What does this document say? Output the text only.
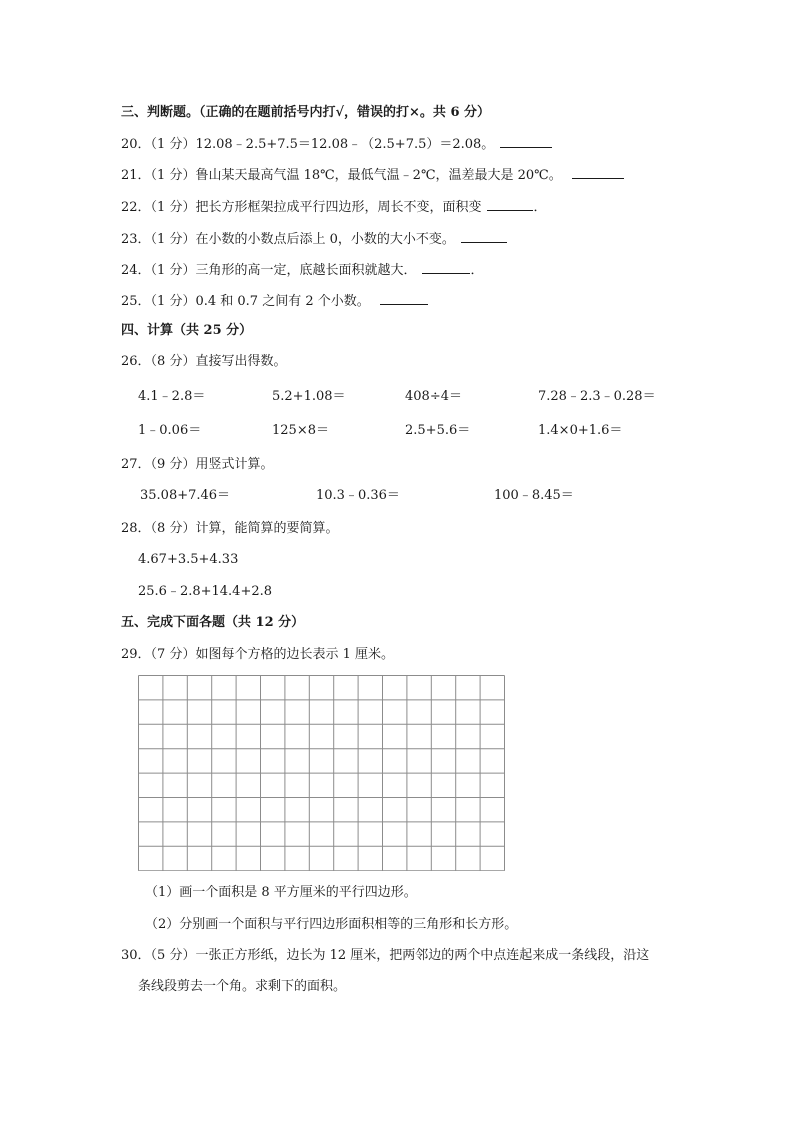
三、判断题。（正确的在题前括号内打√，错误的打×。共 6 分）
20．（1 分）12.08﹣2.5+7.5＝12.08﹣（2.5+7.5）＝2.08。
21．（1 分）鲁山某天最高气温 18℃，最低气温﹣2℃，温差最大是 20℃。
22．（1 分）把长方形框架拉成平行四边形，周长不变，面积变	．
23．（1 分）在小数的小数点后添上 0，小数的大小不变。
24．（1 分）三角形的高一定，底越长面积就越大．	．
25．（1 分）0.4 和 0.7 之间有 2 个小数。
四、计算（共 25 分）
26．（8 分）直接写出得数。
4.1﹣2.8＝	5.2+1.08＝	408÷4＝	7.28﹣2.3﹣0.28＝
1﹣0.06＝	125×8＝	2.5+5.6＝	1.4×0+1.6＝
27．（9 分）用竖式计算。
35.08+7.46＝	10.3﹣0.36＝	100﹣8.45＝
28．（8 分）计算，能简算的要简算。
4.67+3.5+4.33
25.6﹣2.8+14.4+2.8
五、完成下面各题（共 12 分）
29．（7 分）如图每个方格的边长表示 1 厘米。
（1）画一个面积是 8 平方厘米的平行四边形。
（2）分别画一个面积与平行四边形面积相等的三角形和长方形。
30．（5 分）一张正方形纸，边长为 12 厘米，把两邻边的两个中点连起来成一条线段，沿这
条线段剪去一个角。求剩下的面积。
